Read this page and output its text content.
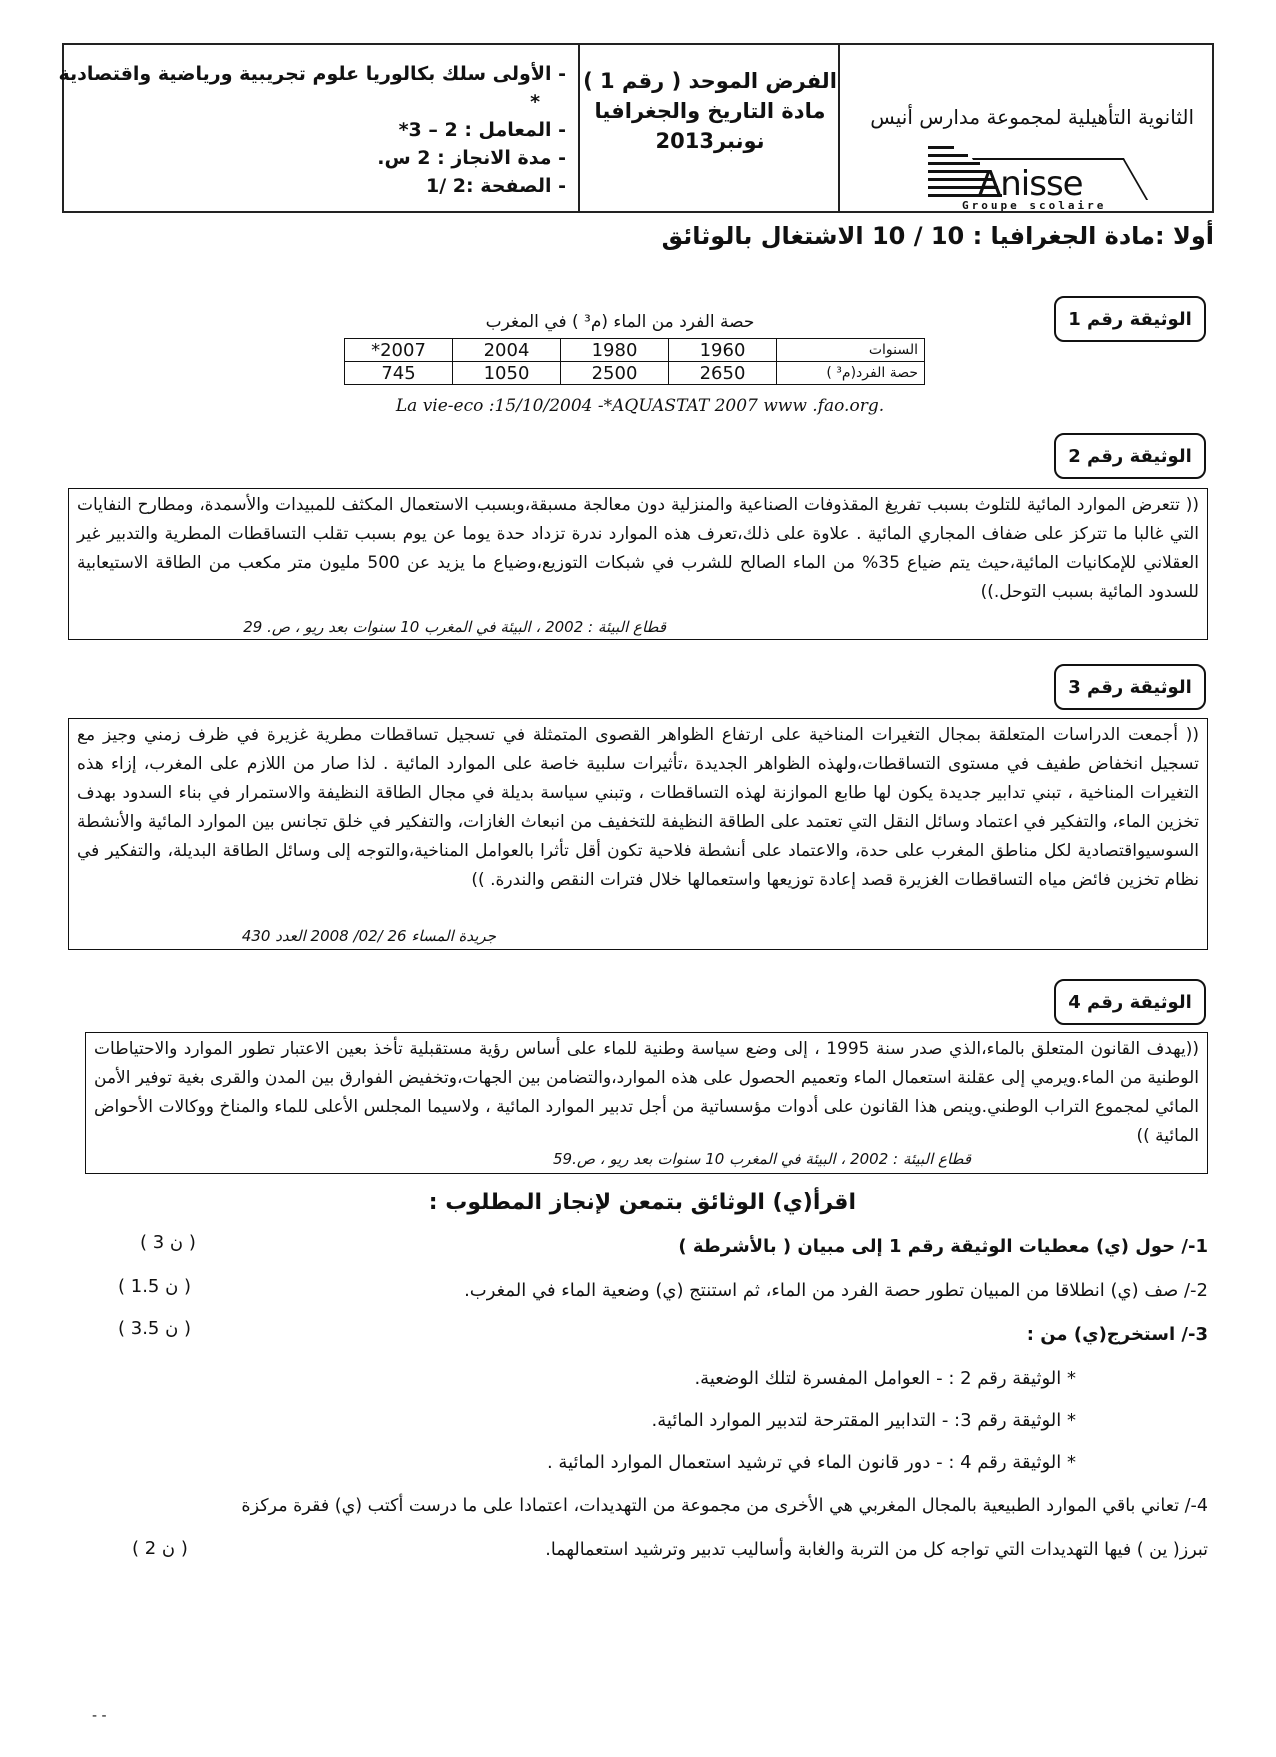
الثانوية التأهيلية لمجموعة مدارس أنيس
Anisse
Groupe scolaire
الفرض الموحد ( رقم 1 )
مادة التاريخ والجغرافيا
نونبر2013
- الأولى سلك بكالوريا علوم تجريبية ورياضية واقتصادية
*
- المعامل : 2 – 3*
- مدة الانجاز : 2 س.
- الصفحة :2 /1
أولا :مادة الجغرافيا : 10 / 10 الاشتغال بالوثائق
الوثيقة رقم 1
حصة الفرد من الماء (م³ ) في المغرب
السنوات	1960	1980	2004	2007*
حصة الفرد(م³ )	2650	2500	1050	745
La vie-eco :15/10/2004 -*AQUASTAT 2007 www .fao.org.
الوثيقة رقم 2
(( تتعرض الموارد المائية للتلوث بسبب تفريغ المقذوفات الصناعية والمنزلية دون معالجة مسبقة،وبسبب الاستعمال المكثف للمبيدات والأسمدة، ومطارح النفايات التي غالبا ما تتركز على ضفاف المجاري المائية . علاوة على ذلك،تعرف هذه الموارد ندرة تزداد حدة يوما عن يوم بسبب تقلب التساقطات المطرية والتدبير غير العقلاني للإمكانيات المائية،حيث يتم ضياع 35% من الماء الصالح للشرب في شبكات التوزيع،وضياع ما يزيد عن 500 مليون متر مكعب من الطاقة الاستيعابية للسدود المائية بسبب التوحل.))
قطاع البيئة : 2002 ، البيئة في المغرب 10 سنوات بعد ريو ، ص. 29
الوثيقة رقم 3
(( أجمعت الدراسات المتعلقة بمجال التغيرات المناخية على ارتفاع الظواهر القصوى المتمثلة في تسجيل تساقطات مطرية غزيرة في ظرف زمني وجيز مع تسجيل انخفاض طفيف في مستوى التساقطات،ولهذه الظواهر الجديدة ،تأثيرات سلبية خاصة على الموارد المائية . لذا صار من اللازم على المغرب، إزاء هذه التغيرات المناخية ، تبني تدابير جديدة يكون لها طابع الموازنة لهذه التساقطات ، وتبني سياسة بديلة في مجال الطاقة النظيفة والاستمرار في بناء السدود بهدف تخزين الماء، والتفكير في اعتماد وسائل النقل التي تعتمد على الطاقة النظيفة للتخفيف من انبعاث الغازات، والتفكير في خلق تجانس بين الموارد المائية والأنشطة السوسيواقتصادية لكل مناطق المغرب على حدة، والاعتماد على أنشطة فلاحية تكون أقل تأثرا بالعوامل المناخية،والتوجه إلى وسائل الطاقة البديلة، والتفكير في نظام تخزين فائض مياه التساقطات الغزيرة قصد إعادة توزيعها واستعمالها خلال فترات النقص والندرة. ))
جريدة المساء 26 /02/ 2008 العدد 430
الوثيقة رقم 4
((يهدف القانون المتعلق بالماء،الذي صدر سنة 1995 ، إلى وضع سياسة وطنية للماء على أساس رؤية مستقبلية تأخذ بعين الاعتبار تطور الموارد والاحتياطات الوطنية من الماء.ويرمي إلى عقلنة استعمال الماء وتعميم الحصول على هذه الموارد،والتضامن بين الجهات،وتخفيض الفوارق بين المدن والقرى بغية توفير الأمن المائي لمجموع التراب الوطني.وينص هذا القانون على أدوات مؤسساتية من أجل تدبير الموارد المائية ، ولاسيما المجلس الأعلى للماء والمناخ ووكالات الأحواض المائية ))
قطاع البيئة : 2002 ، البيئة في المغرب 10 سنوات بعد ريو ، ص.59
اقرأ(ي) الوثائق بتمعن لإنجاز المطلوب :
1-/ حول (ي) معطيات الوثيقة رقم 1 إلى مبيان ( بالأشرطة )
( 3 ن )
2-/ صف (ي) انطلاقا من المبيان تطور حصة الفرد من الماء، ثم استنتج (ي) وضعية الماء في المغرب.
( 1.5 ن )
3-/ استخرج(ي) من :
( 3.5 ن )
* الوثيقة رقم 2 : - العوامل المفسرة لتلك الوضعية.
* الوثيقة رقم 3: - التدابير المقترحة لتدبير الموارد المائية.
* الوثيقة رقم 4 : - دور قانون الماء في ترشيد استعمال الموارد المائية .
4-/ تعاني باقي الموارد الطبيعية بالمجال المغربي هي الأخرى من مجموعة من التهديدات، اعتمادا على ما درست أكتب (ي) فقرة مركزة
تبرز( ين ) فيها التهديدات التي تواجه كل من التربة والغابة وأساليب تدبير وترشيد استعمالهما.
( 2 ن )
- -
